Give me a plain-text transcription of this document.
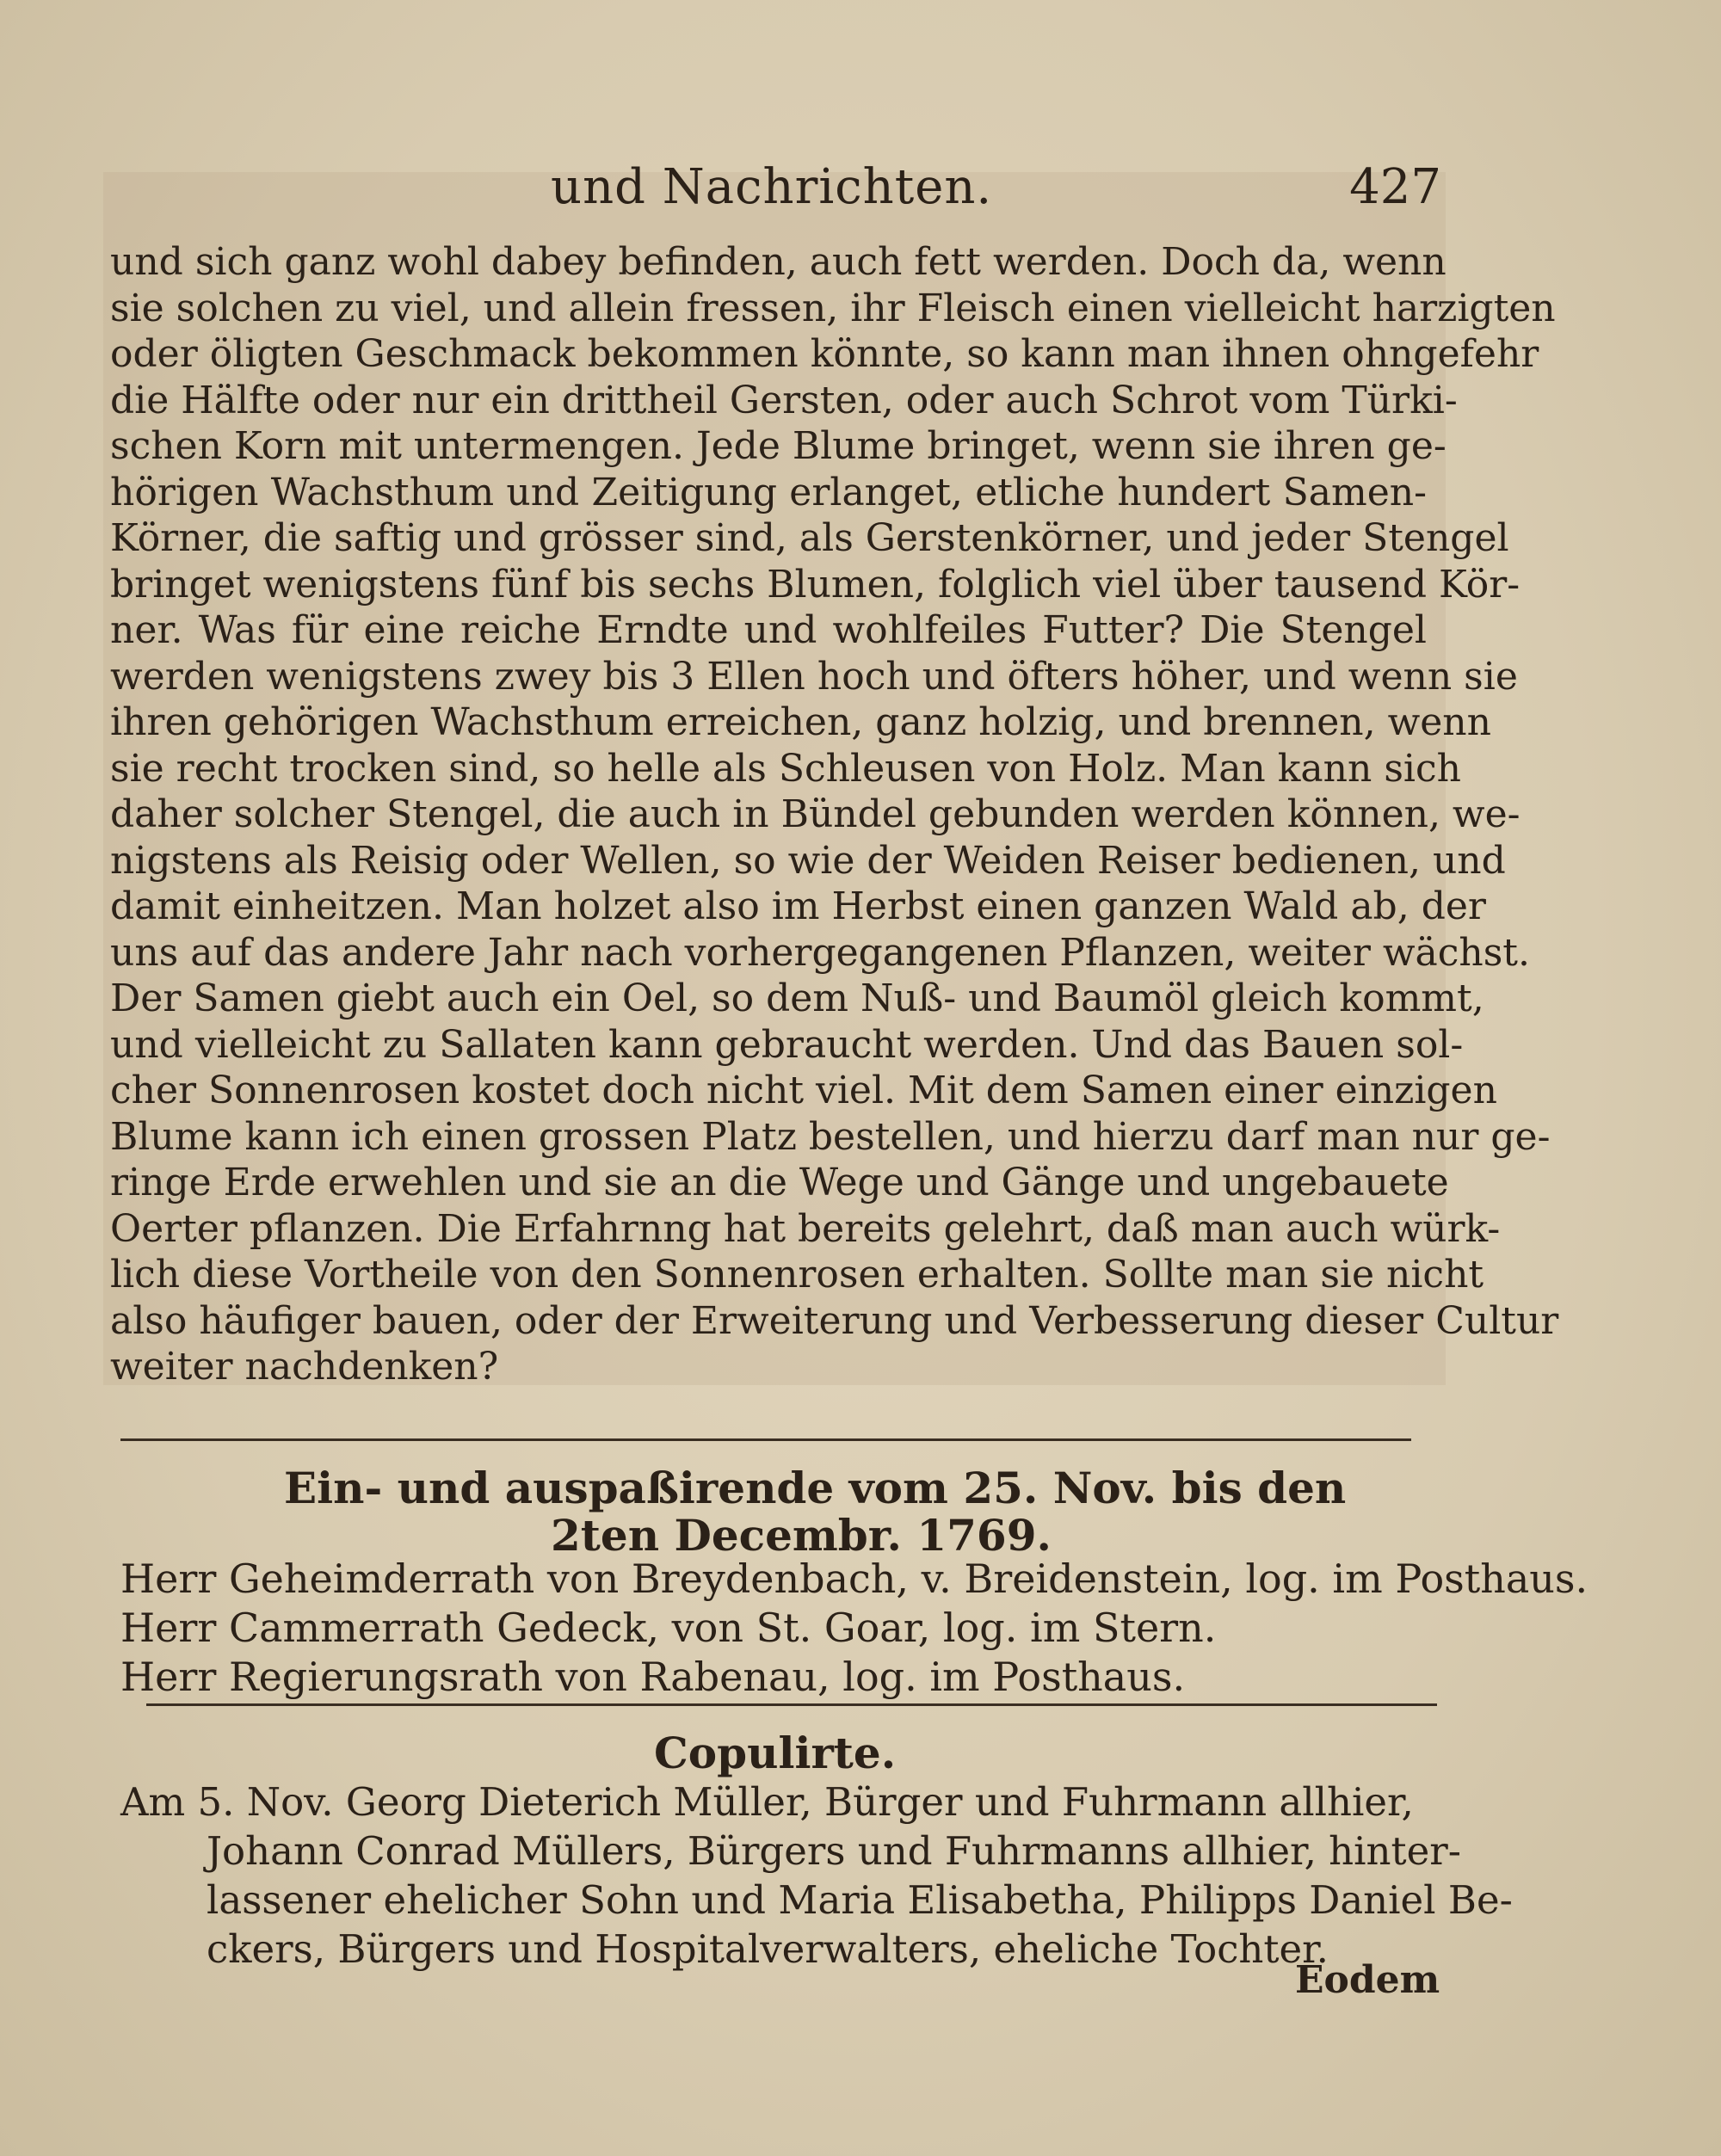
und Nachrichten.	427
und sich ganz wohl dabey befinden, auch fett werden. Doch da, wenn
sie solchen zu viel, und allein fressen, ihr Fleisch einen vielleicht harzigten
oder öligten Geschmack bekommen könnte, so kann man ihnen ohngefehr
die Hälfte oder nur ein drittheil Gersten, oder auch Schrot vom Türki-
schen Korn mit untermengen. Jede Blume bringet, wenn sie ihren ge-
hörigen Wachsthum und Zeitigung erlanget, etliche hundert Samen-
Körner, die saftig und grösser sind, als Gerstenkörner, und jeder Stengel
bringet wenigstens fünf bis sechs Blumen, folglich viel über tausend Kör-
ner. Was für eine reiche Erndte und wohlfeiles Futter? Die Stengel
werden wenigstens zwey bis 3 Ellen hoch und öfters höher, und wenn sie
ihren gehörigen Wachsthum erreichen, ganz holzig, und brennen, wenn
sie recht trocken sind, so helle als Schleusen von Holz. Man kann sich
daher solcher Stengel, die auch in Bündel gebunden werden können, we-
nigstens als Reisig oder Wellen, so wie der Weiden Reiser bedienen, und
damit einheitzen. Man holzet also im Herbst einen ganzen Wald ab, der
uns auf das andere Jahr nach vorhergegangenen Pflanzen, weiter wächst.
Der Samen giebt auch ein Oel, so dem Nuß- und Baumöl gleich kommt,
und vielleicht zu Sallaten kann gebraucht werden. Und das Bauen sol-
cher Sonnenrosen kostet doch nicht viel. Mit dem Samen einer einzigen
Blume kann ich einen grossen Platz bestellen, und hierzu darf man nur ge-
ringe Erde erwehlen und sie an die Wege und Gänge und ungebauete
Oerter pflanzen. Die Erfahrnng hat bereits gelehrt, daß man auch würk-
lich diese Vortheile von den Sonnenrosen erhalten. Sollte man sie nicht
also häufiger bauen, oder der Erweiterung und Verbesserung dieser Cultur
weiter nachdenken?
Ein- und auspaßirende vom 25. Nov. bis den
2ten Decembr. 1769.
Herr Geheimderrath von Breydenbach, v. Breidenstein, log. im Posthaus.
Herr Cammerrath Gedeck, von St. Goar, log. im Stern.
Herr Regierungsrath von Rabenau, log. im Posthaus.
Copulirte.
Am 5. Nov. Georg Dieterich Müller, Bürger und Fuhrmann allhier,
Johann Conrad Müllers, Bürgers und Fuhrmanns allhier, hinter-
lassener ehelicher Sohn und Maria Elisabetha, Philipps Daniel Be-
ckers, Bürgers und Hospitalverwalters, eheliche Tochter.
Eodem
